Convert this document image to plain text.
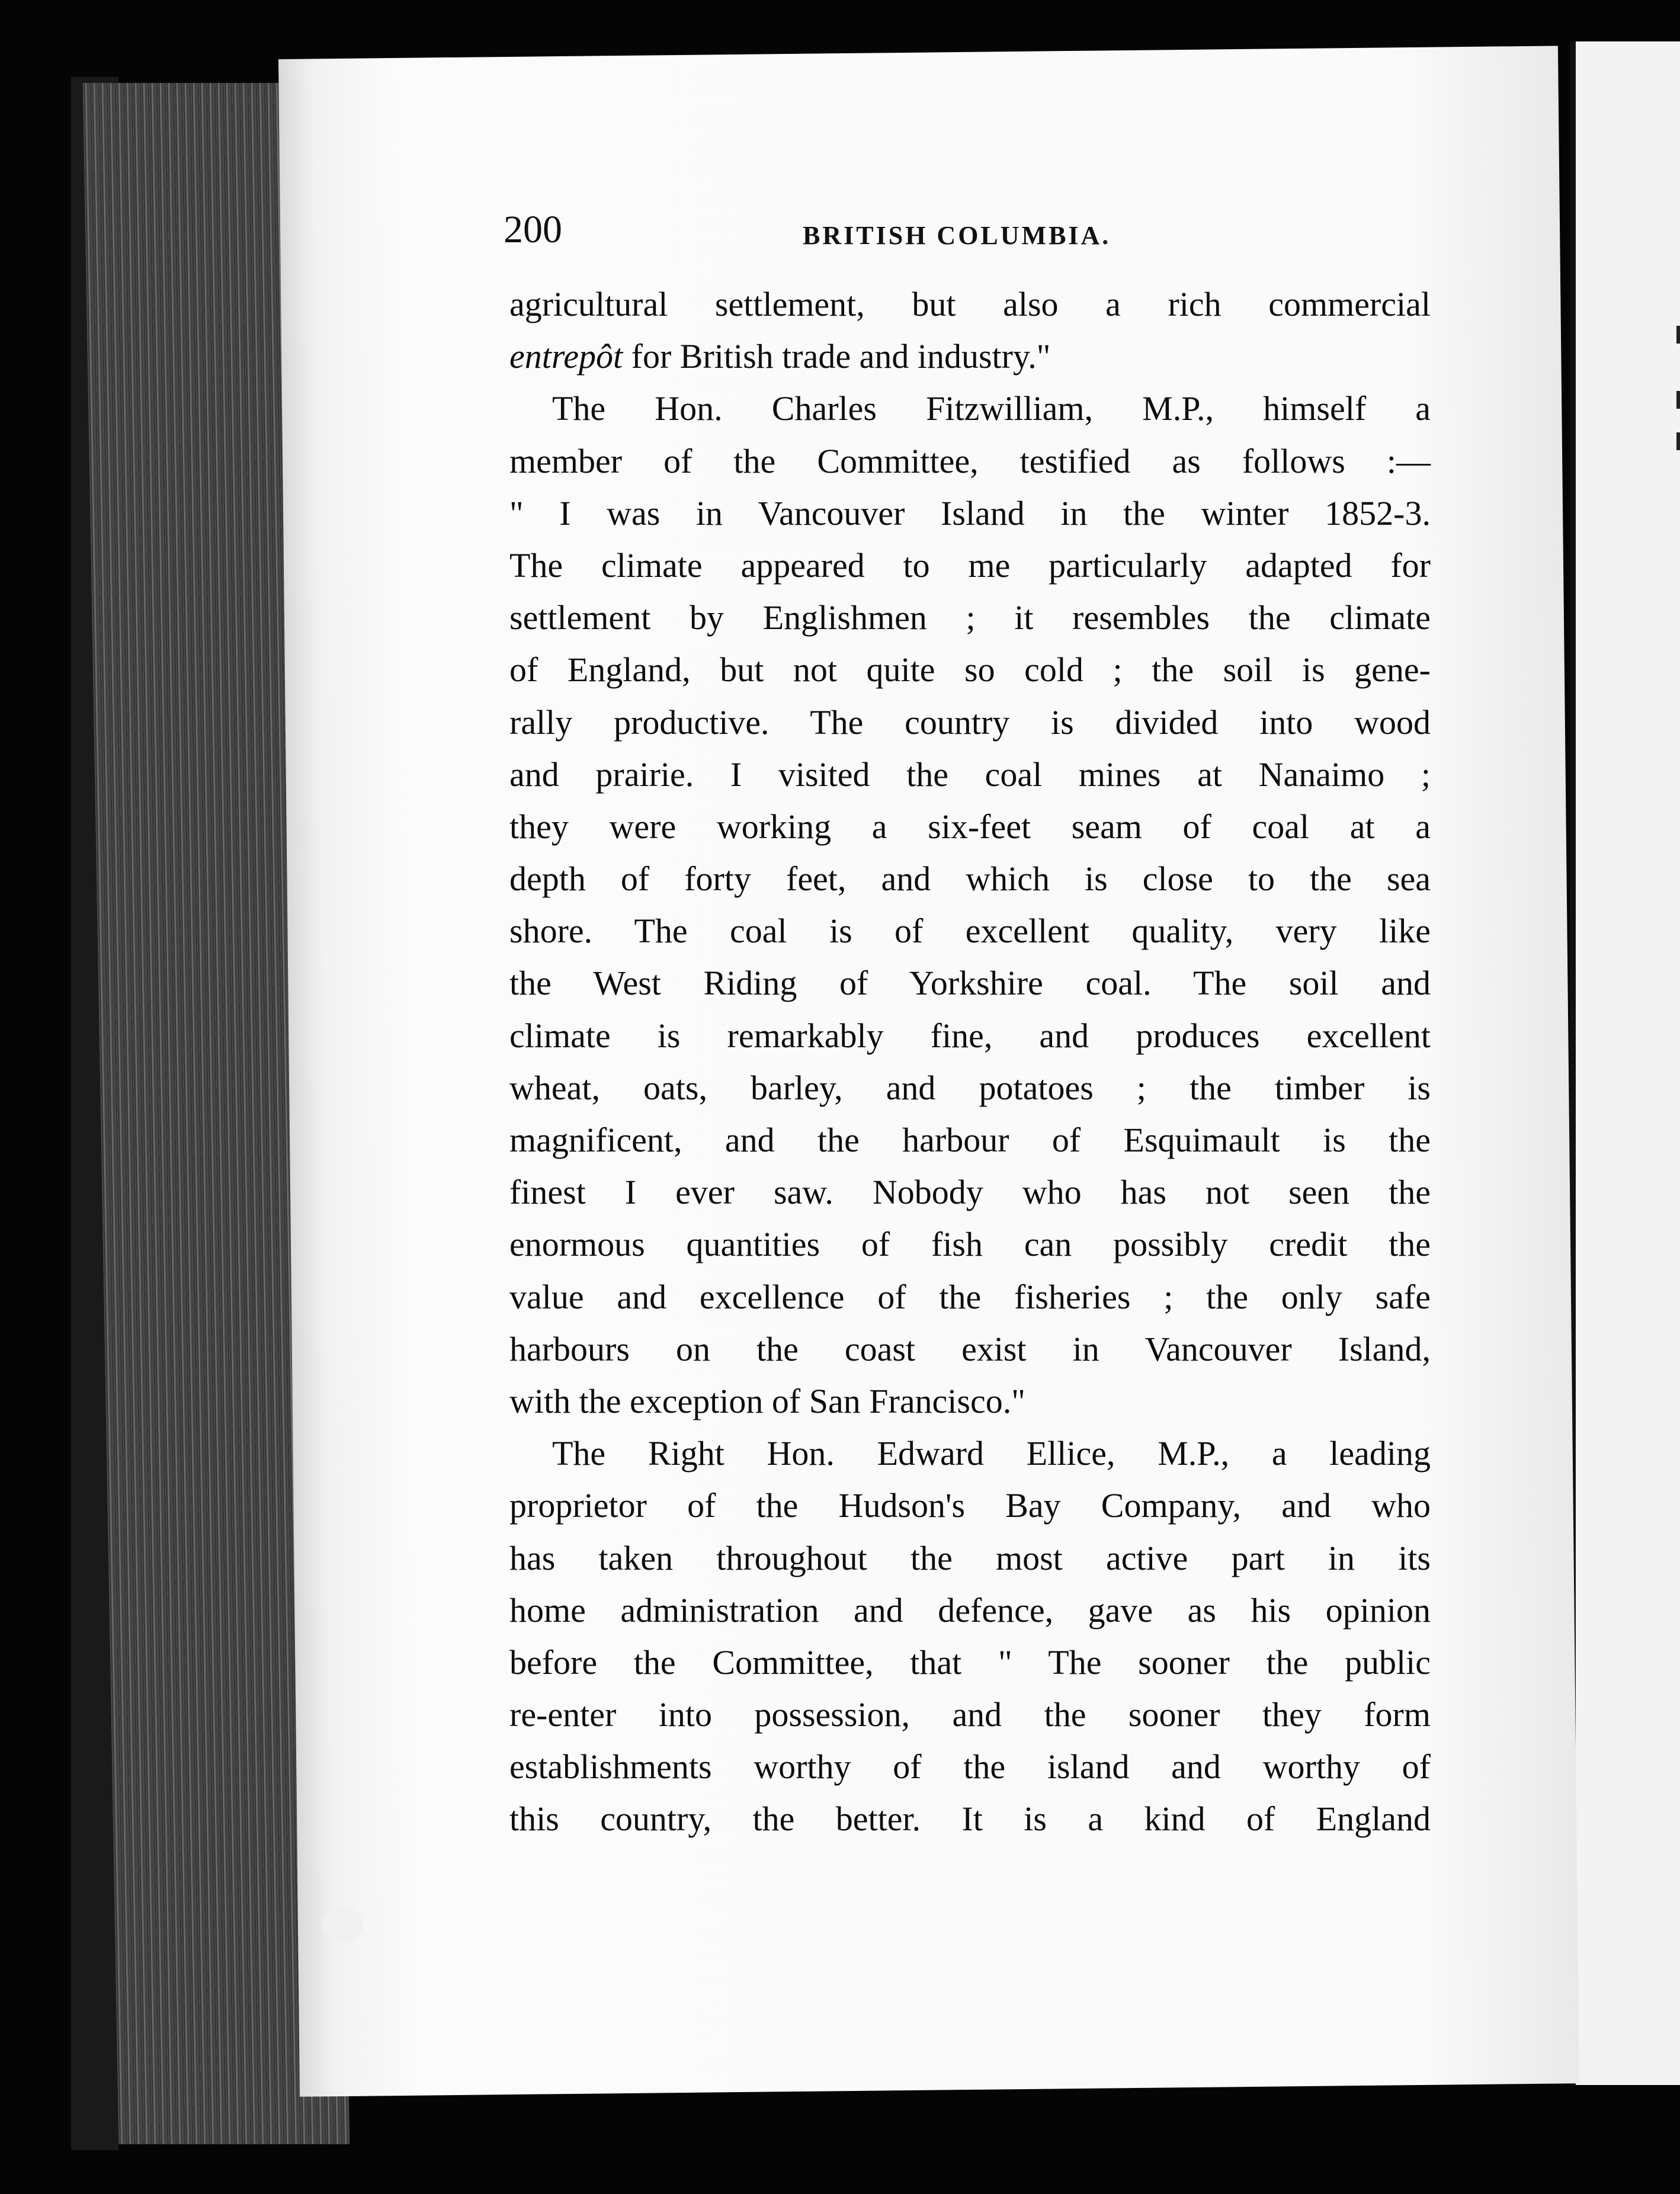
200	BRITISH COLUMBIA.
agricultural settlement, but also a rich commercial
entrepôt for British trade and industry."
The Hon. Charles Fitzwilliam, M.P., himself a
member of the Committee, testified as follows :—
" I was in Vancouver Island in the winter 1852-3.
The climate appeared to me particularly adapted for
settlement by Englishmen ; it resembles the climate
of England, but not quite so cold ; the soil is gene-
rally productive. The country is divided into wood
and prairie. I visited the coal mines at Nanaimo ;
they were working a six-feet seam of coal at a
depth of forty feet, and which is close to the sea
shore. The coal is of excellent quality, very like
the West Riding of Yorkshire coal. The soil and
climate is remarkably fine, and produces excellent
wheat, oats, barley, and potatoes ; the timber is
magnificent, and the harbour of Esquimault is the
finest I ever saw. Nobody who has not seen the
enormous quantities of fish can possibly credit the
value and excellence of the fisheries ; the only safe
harbours on the coast exist in Vancouver Island,
with the exception of San Francisco."
The Right Hon. Edward Ellice, M.P., a leading
proprietor of the Hudson's Bay Company, and who
has taken throughout the most active part in its
home administration and defence, gave as his opinion
before the Committee, that " The sooner the public
re-enter into possession, and the sooner they form
establishments worthy of the island and worthy of
this country, the better. It is a kind of England
